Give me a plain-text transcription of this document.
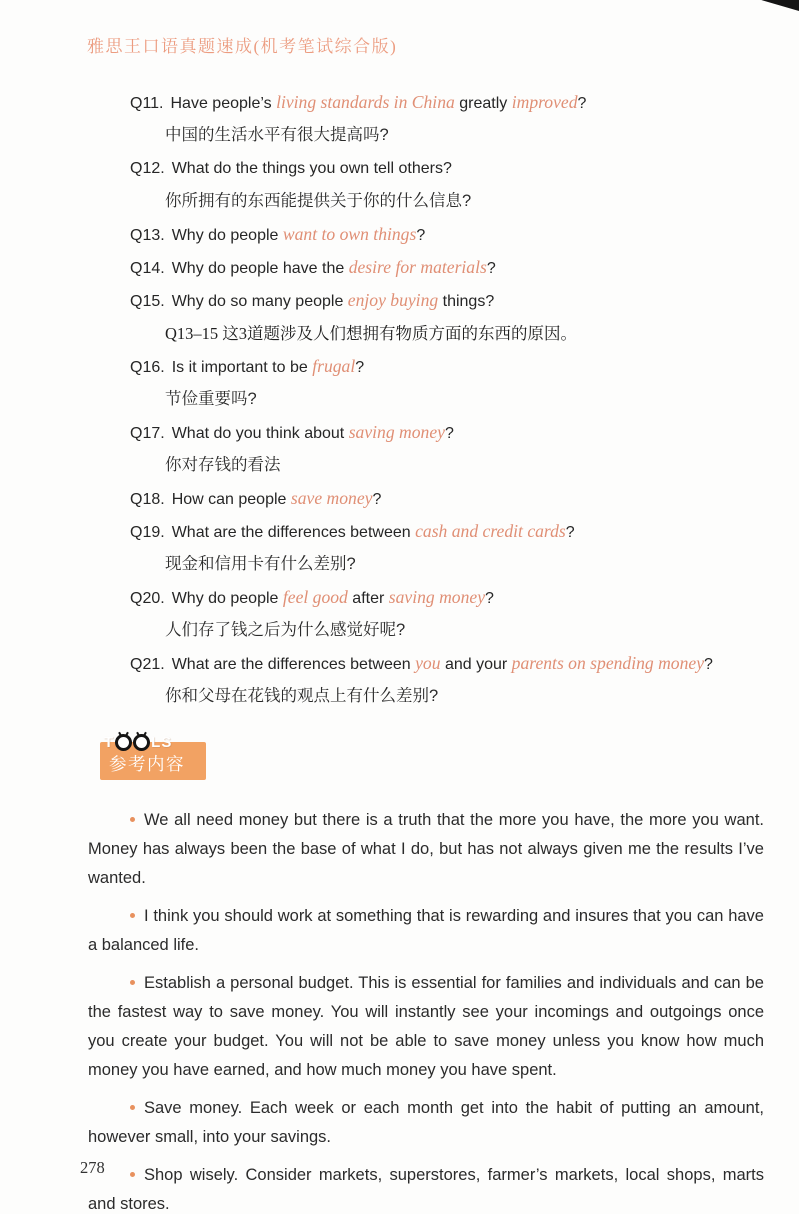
雅思王口语真题速成(机考笔试综合版)
Q11. Have people’s living standards in China greatly improved?
中国的生活水平有很大提高吗?
Q12. What do the things you own tell others?
你所拥有的东西能提供关于你的什么信息?
Q13. Why do people want to own things?
Q14. Why do people have the desire for materials?
Q15. Why do so many people enjoy buying things?
Q13–15 这3道题涉及人们想拥有物质方面的东西的原因。
Q16. Is it important to be frugal?
节俭重要吗?
Q17. What do you think about saving money?
你对存钱的看法
Q18. How can people save money?
Q19. What are the differences between cash and credit cards?
现金和信用卡有什么差别?
Q20. Why do people feel good after saving money?
人们存了钱之后为什么感觉好呢?
Q21. What are the differences between you and your parents on spending money?
你和父母在花钱的观点上有什么差别?
T LS
参考内容

We all need money but there is a truth that the more you have, the more you want. Money has always been the base of what I do, but has not always given me the results I’ve wanted.

I think you should work at something that is rewarding and insures that you can have a balanced life.

Establish a personal budget. This is essential for families and individuals and can be the fastest way to save money. You will instantly see your incomings and outgoings once you create your budget. You will not be able to save money unless you know how much money you have earned, and how much money you have spent.

Save money. Each week or each month get into the habit of putting an amount, however small, into your savings.

Shop wisely. Consider markets, superstores, farmer’s markets, local shops, marts and stores.

278
